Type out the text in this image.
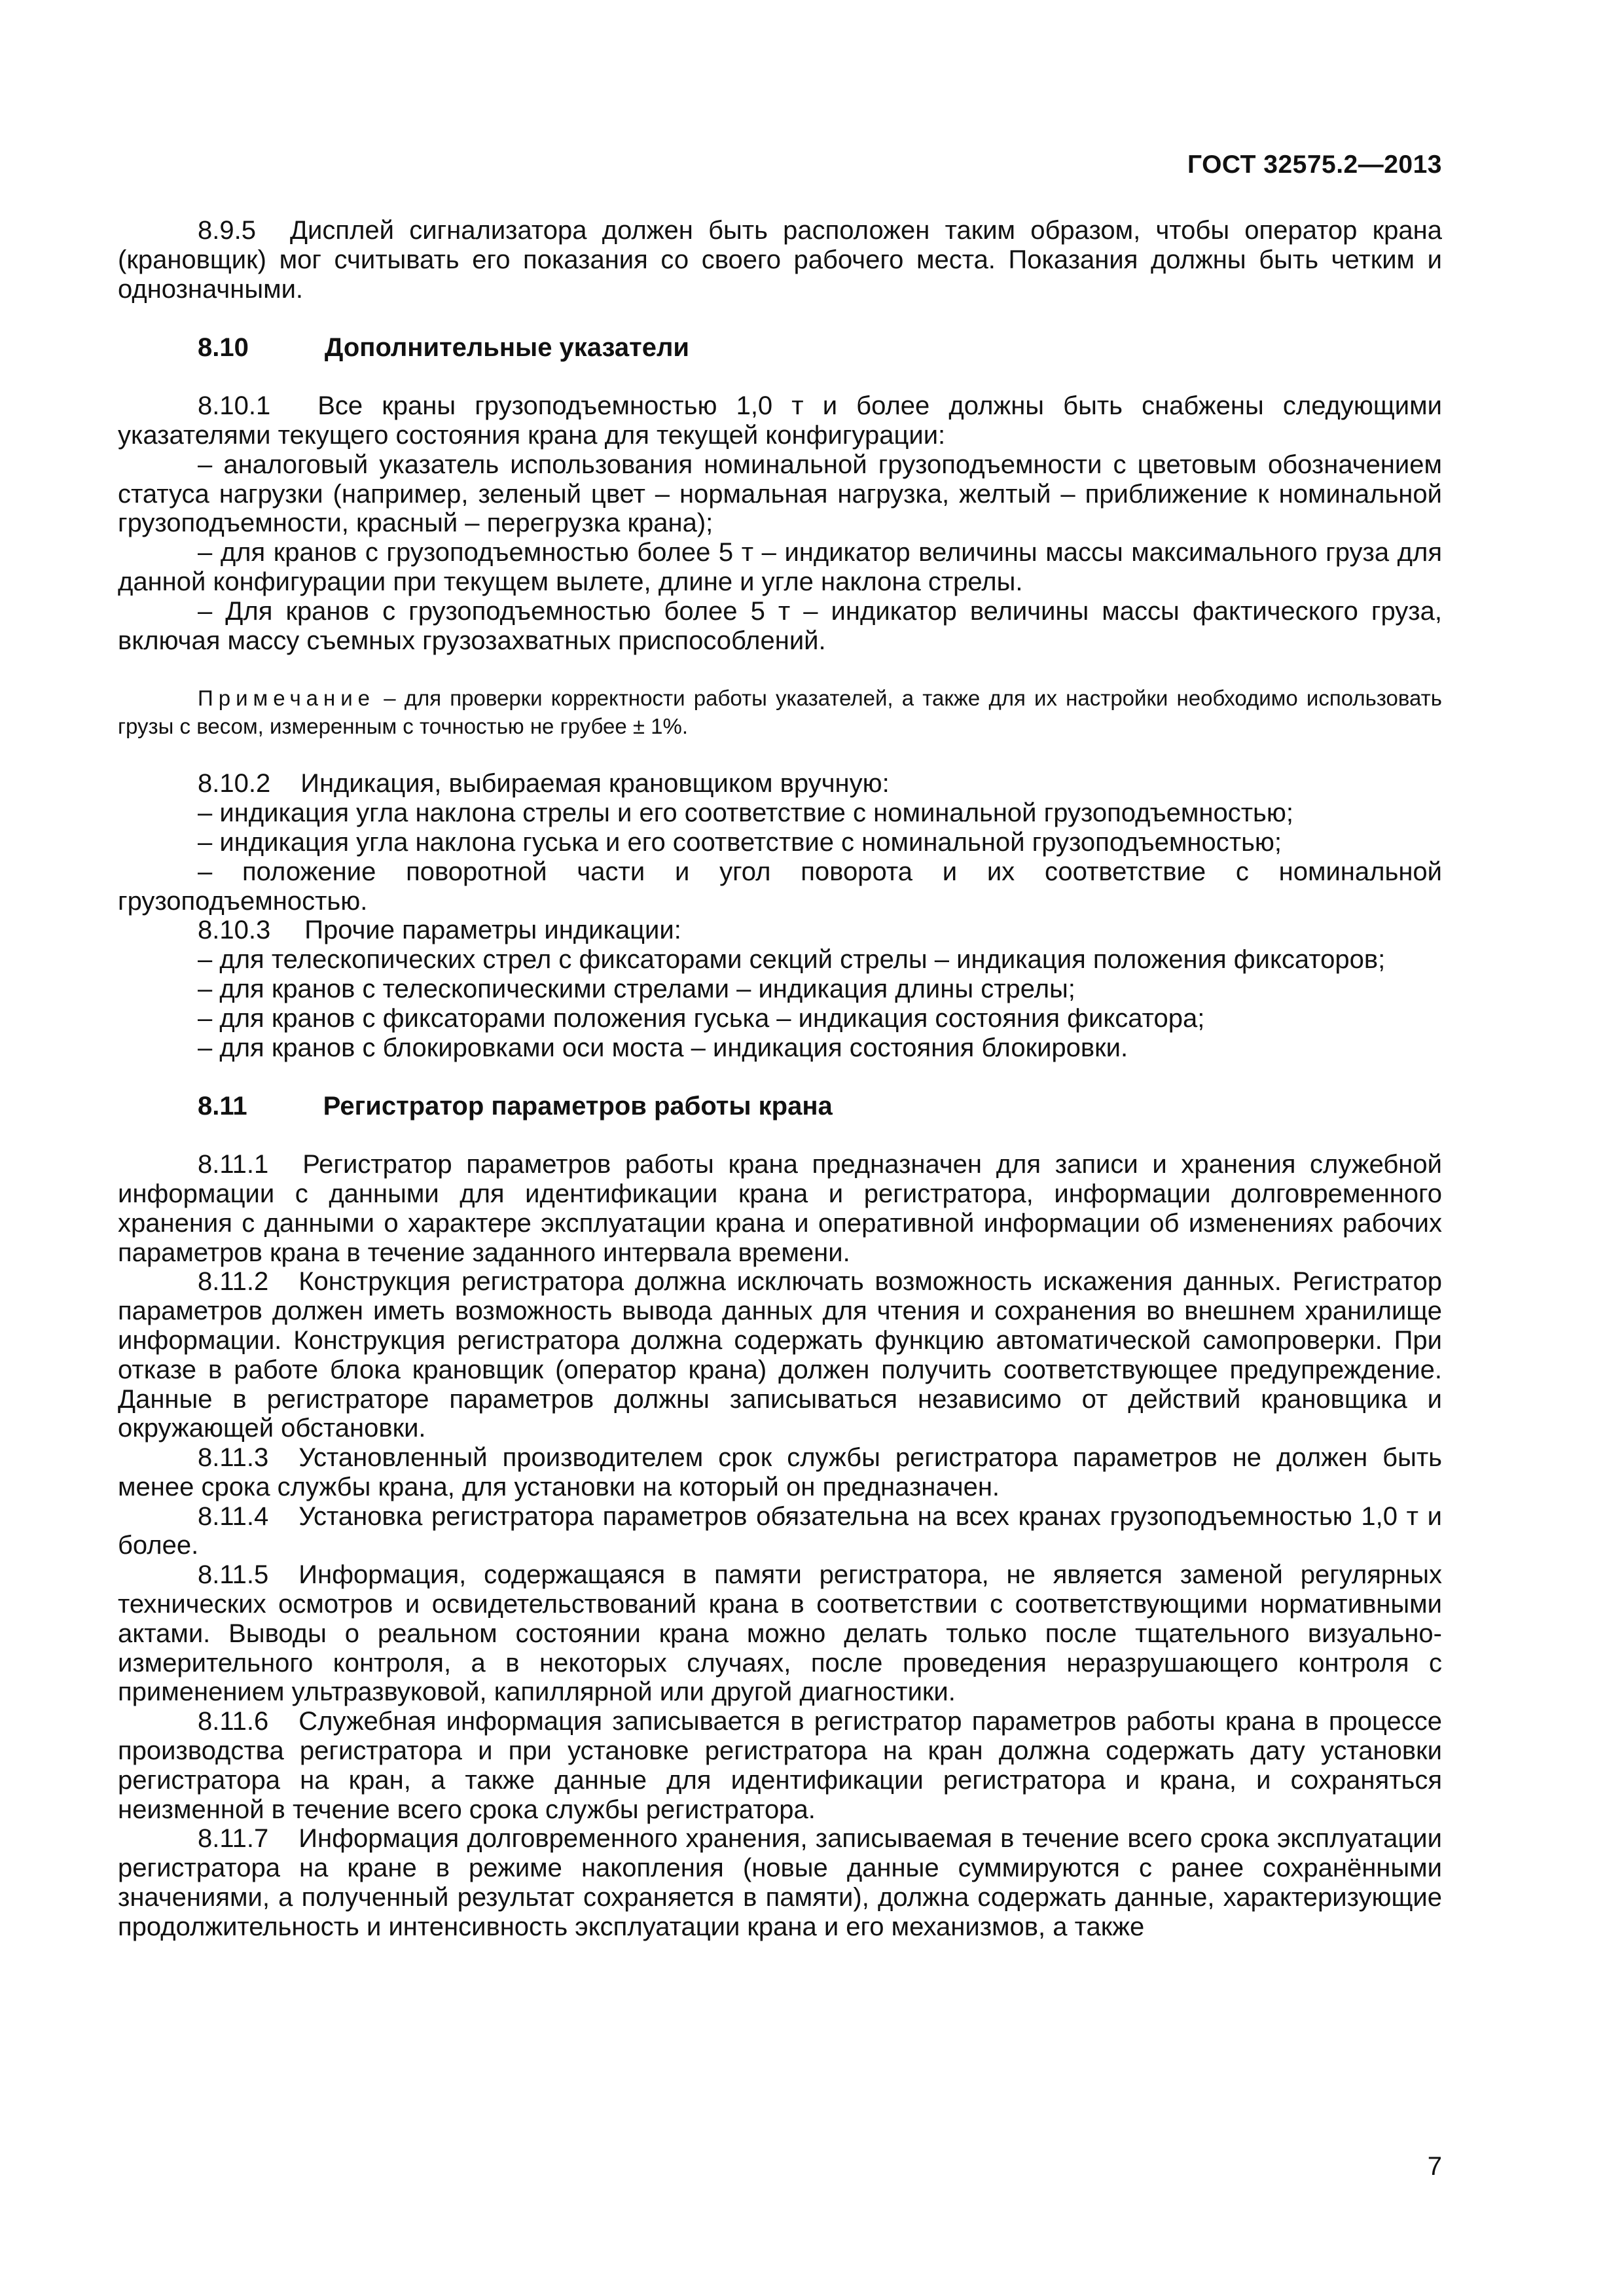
ГОСТ 32575.2—2013

8.9.5 Дисплей сигнализатора должен быть расположен таким образом, чтобы оператор крана (крановщик) мог считывать его показания со своего рабочего места. Показания должны быть четким и однозначными.

8.10	Дополнительные указатели

8.10.1 Все краны грузоподъемностью 1,0 т и более должны быть снабжены следующими указателями текущего состояния крана для текущей конфигурации:

– аналоговый указатель использования номинальной грузоподъемности с цветовым обозначением статуса нагрузки (например, зеленый цвет – нормальная нагрузка, желтый – приближение к номинальной грузоподъемности, красный – перегрузка крана);

– для кранов с грузоподъемностью более 5 т – индикатор величины массы максимального груза для данной конфигурации при текущем вылете, длине и угле наклона стрелы.

– Для кранов с грузоподъемностью более 5 т – индикатор величины массы фактического груза, включая массу съемных грузозахватных приспособлений.

Примечание – для проверки корректности работы указателей, а также для их настройки необходимо использовать грузы с весом, измеренным с точностью не грубее ± 1%.

8.10.2 Индикация, выбираемая крановщиком вручную:

– индикация угла наклона стрелы и его соответствие с номинальной грузоподъемностью;

– индикация угла наклона гуська и его соответствие с номинальной грузоподъемностью;

– положение поворотной части и угол поворота и их соответствие с номинальной грузоподъемностью.

8.10.3 Прочие параметры индикации:

– для телескопических стрел с фиксаторами секций стрелы – индикация положения фиксаторов;

– для кранов с телескопическими стрелами – индикация длины стрелы;

– для кранов с фиксаторами положения гуська – индикация состояния фиксатора;

– для кранов с блокировками оси моста – индикация состояния блокировки.

8.11	Регистратор параметров работы крана

8.11.1 Регистратор параметров работы крана предназначен для записи и хранения служебной информации с данными для идентификации крана и регистратора, информации долговременного хранения с данными о характере эксплуатации крана и оперативной информации об изменениях рабочих параметров крана в течение заданного интервала времени.

8.11.2 Конструкция регистратора должна исключать возможность искажения данных. Регистратор параметров должен иметь возможность вывода данных для чтения и сохранения во внешнем хранилище информации. Конструкция регистратора должна содержать функцию автоматической самопроверки. При отказе в работе блока крановщик (оператор крана) должен получить соответствующее предупреждение. Данные в регистраторе параметров должны записываться независимо от действий крановщика и окружающей обстановки.

8.11.3 Установленный производителем срок службы регистратора параметров не должен быть менее срока службы крана, для установки на который он предназначен.

8.11.4 Установка регистратора параметров обязательна на всех кранах грузоподъемностью 1,0 т и более.

8.11.5 Информация, содержащаяся в памяти регистратора, не является заменой регулярных технических осмотров и освидетельствований крана в соответствии с соответствующими нормативными актами. Выводы о реальном состоянии крана можно делать только после тщательного визуально-измерительного контроля, а в некоторых случаях, после проведения неразрушающего контроля с применением ультразвуковой, капиллярной или другой диагностики.

8.11.6 Служебная информация записывается в регистратор параметров работы крана в процессе производства регистратора и при установке регистратора на кран должна содержать дату установки регистратора на кран, а также данные для идентификации регистратора и крана, и сохраняться неизменной в течение всего срока службы регистратора.

8.11.7 Информация долговременного хранения, записываемая в течение всего срока эксплуатации регистратора на кране в режиме накопления (новые данные суммируются с ранее сохранёнными значениями, а полученный результат сохраняется в памяти), должна содержать данные, характеризующие продолжительность и интенсивность эксплуатации крана и его механизмов, а также

7
